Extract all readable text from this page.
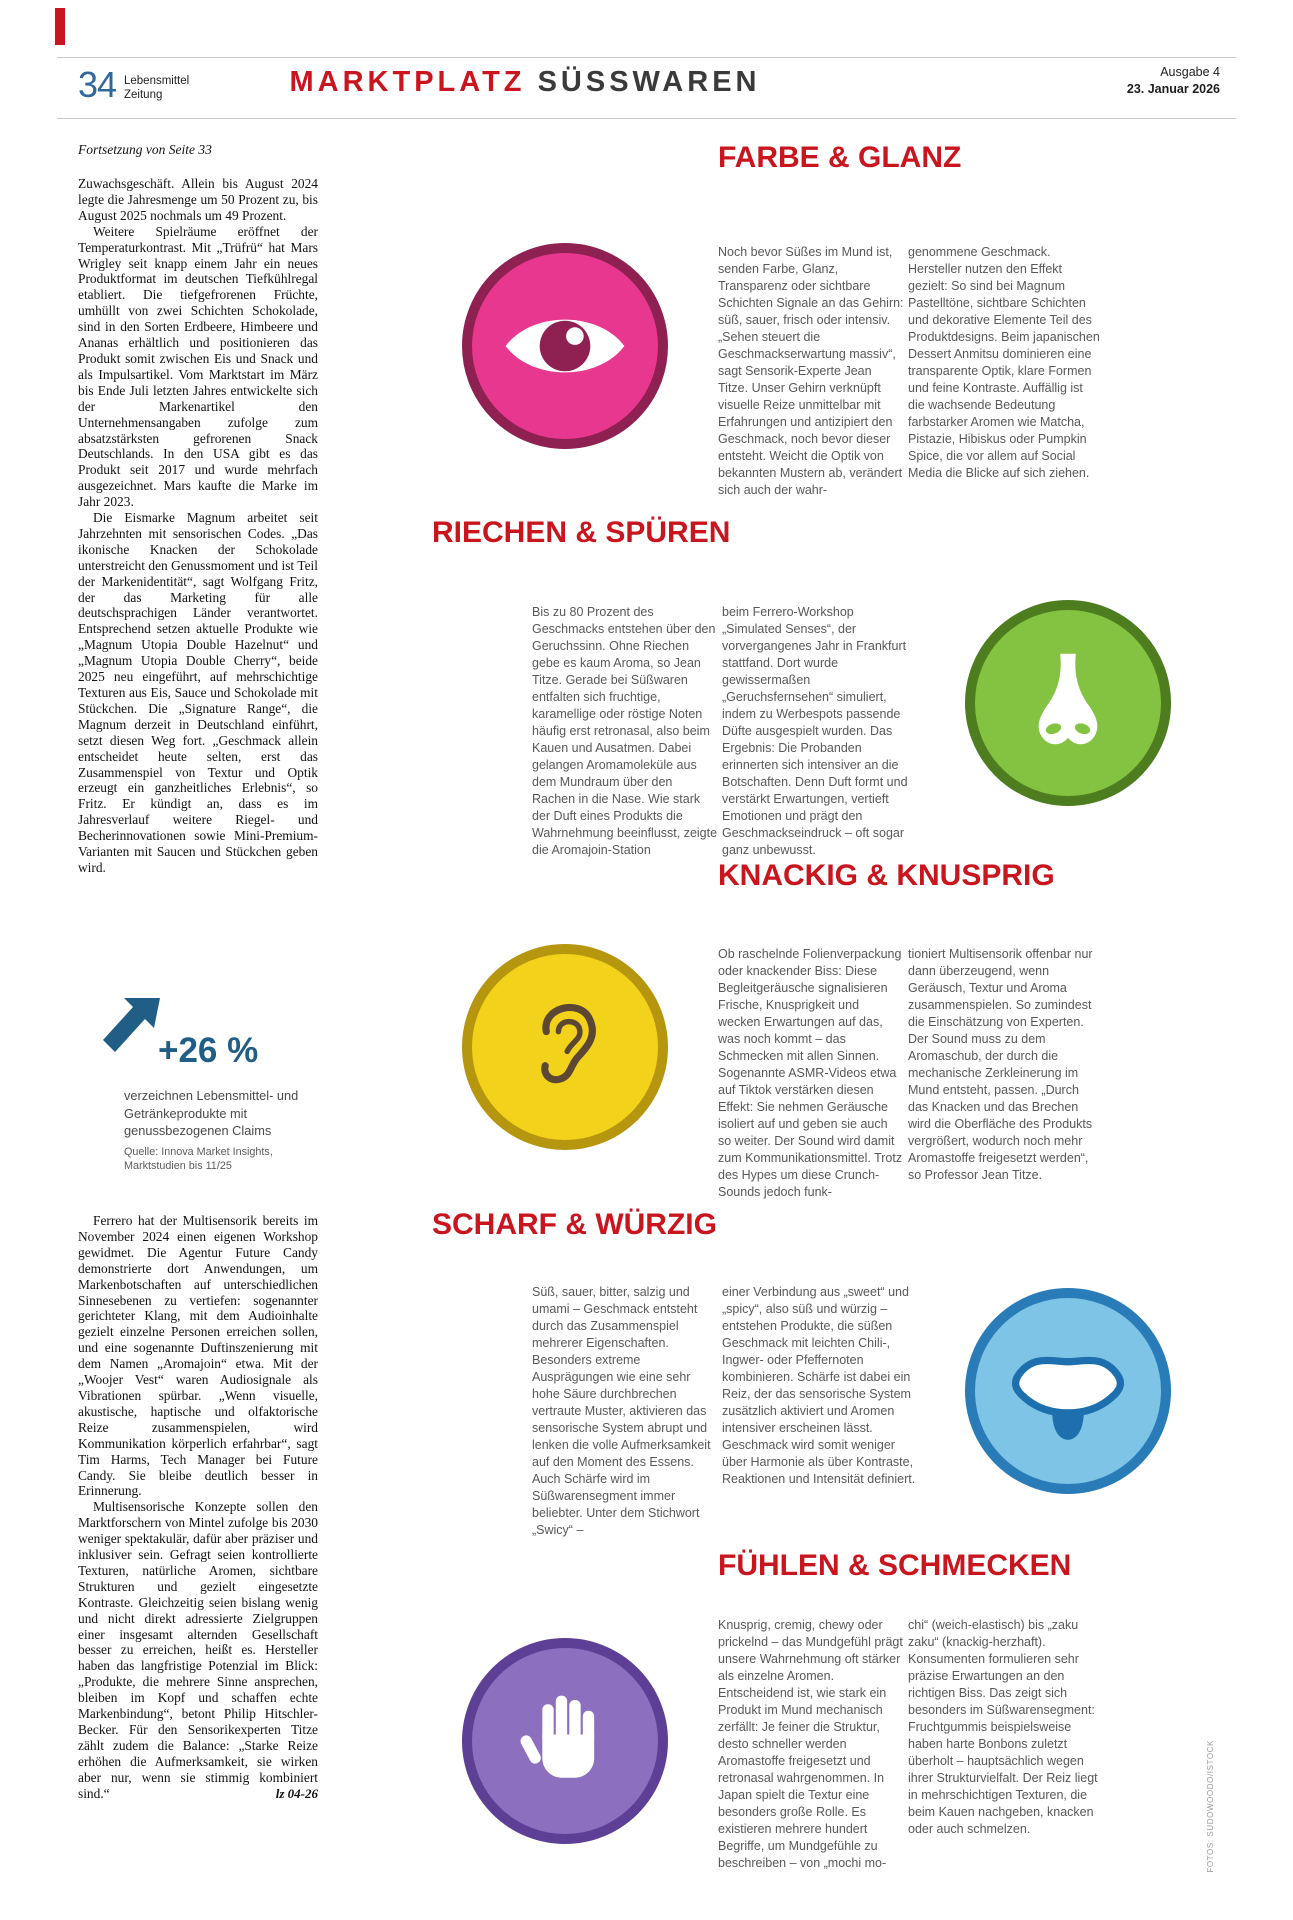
34 Lebensmittel
Zeitung	MARKTPLATZ SÜSSWAREN	Ausgabe 4
23. Januar 2026

Fortsetzung von Seite 33

Zuwachsgeschäft. Allein bis August 2024 legte die Jahresmenge um 50 Prozent zu, bis August 2025 nochmals um 49 Prozent.

Weitere Spielräume eröffnet der Temperaturkontrast. Mit „Trüfrü“ hat Mars Wrigley seit knapp einem Jahr ein neues Produktformat im deutschen Tiefkühlregal etabliert. Die tiefgefrorenen Früchte, umhüllt von zwei Schichten Schokolade, sind in den Sorten Erdbeere, Himbeere und Ananas erhältlich und positionieren das Produkt somit zwischen Eis und Snack und als Impulsartikel. Vom Marktstart im März bis Ende Juli letzten Jahres entwickelte sich der Markenartikel den Unternehmensangaben zufolge zum absatzstärksten gefrorenen Snack Deutschlands. In den USA gibt es das Produkt seit 2017 und wurde mehrfach ausgezeichnet. Mars kaufte die Marke im Jahr 2023.

Die Eismarke Magnum arbeitet seit Jahrzehnten mit sensorischen Codes. „Das ikonische Knacken der Schokolade unterstreicht den Genussmoment und ist Teil der Markenidentität“, sagt Wolfgang Fritz, der das Marketing für alle deutschsprachigen Länder verantwortet. Entsprechend setzen aktuelle Produkte wie „Magnum Utopia Double Hazelnut“ und „Magnum Utopia Double Cherry“, beide 2025 neu eingeführt, auf mehrschichtige Texturen aus Eis, Sauce und Schokolade mit Stückchen. Die „Signature Range“, die Magnum derzeit in Deutschland einführt, setzt diesen Weg fort. „Geschmack allein entscheidet heute selten, erst das Zusammenspiel von Textur und Optik erzeugt ein ganzheitliches Erlebnis“, so Fritz. Er kündigt an, dass es im Jahresverlauf weitere Riegel- und Becherinnovationen sowie Mini-Premium-Varianten mit Saucen und Stückchen geben wird.

+26 %
verzeichnen Lebensmittel- und Getränkeprodukte mit genussbezogenen Claims
Quelle: Innova Market Insights,
Marktstudien bis 11/25

Ferrero hat der Multisensorik bereits im November 2024 einen eigenen Workshop gewidmet. Die Agentur Future Candy demonstrierte dort Anwendungen, um Markenbotschaften auf unterschiedlichen Sinnesebenen zu vertiefen: sogenannter gerichteter Klang, mit dem Audioinhalte gezielt einzelne Personen erreichen sollen, und eine sogenannte Duftinszenierung mit dem Namen „Aromajoin“ etwa. Mit der „Woojer Vest“ waren Audiosignale als Vibrationen spürbar. „Wenn visuelle, akustische, haptische und olfaktorische Reize zusammenspielen, wird Kommunikation körperlich erfahrbar“, sagt Tim Harms, Tech Manager bei Future Candy. Sie bleibe deutlich besser in Erinnerung.

Multisensorische Konzepte sollen den Marktforschern von Mintel zufolge bis 2030 weniger spektakulär, dafür aber präziser und inklusiver sein. Gefragt seien kontrollierte Texturen, natürliche Aromen, sichtbare Strukturen und gezielt eingesetzte Kontraste. Gleichzeitig seien bislang wenig und nicht direkt adressierte Zielgruppen einer insgesamt alternden Gesellschaft besser zu erreichen, heißt es. Hersteller haben das langfristige Potenzial im Blick: „Produkte, die mehrere Sinne ansprechen, bleiben im Kopf und schaffen echte Markenbindung“, betont Philip Hitschler-Becker. Für den Sensorikexperten Titze zählt zudem die Balance: „Starke Reize erhöhen die Aufmerksamkeit, sie wirken aber nur, wenn sie stimmig kombiniert sind.“	lz 04-26

FARBE & GLANZ
RIECHEN & SPÜREN
KNACKIG & KNUSPRIG
SCHARF & WÜRZIG
FÜHLEN & SCHMECKEN

Noch bevor Süßes im Mund ist, senden Farbe, Glanz, Transparenz oder sichtbare Schichten Signale an das Gehirn: süß, sauer, frisch oder intensiv. „Sehen steuert die Geschmackserwartung massiv“, sagt Sensorik-Experte Jean Titze. Unser Gehirn verknüpft visuelle Reize unmittelbar mit Erfahrungen und antizipiert den Geschmack, noch bevor dieser entsteht. Weicht die Optik von bekannten Mustern ab, verändert sich auch der wahr-

genommene Geschmack. Hersteller nutzen den Effekt gezielt: So sind bei Magnum Pastelltöne, sichtbare Schichten und dekorative Elemente Teil des Produktdesigns. Beim japanischen Dessert Anmitsu dominieren eine transparente Optik, klare Formen und feine Kontraste. Auffällig ist die wachsende Bedeutung farbstarker Aromen wie Matcha, Pistazie, Hibiskus oder Pumpkin Spice, die vor allem auf Social Media die Blicke auf sich ziehen.

Bis zu 80 Prozent des Geschmacks entstehen über den Geruchssinn. Ohne Riechen gebe es kaum Aroma, so Jean Titze. Gerade bei Süßwaren entfalten sich fruchtige, karamellige oder röstige Noten häufig erst retronasal, also beim Kauen und Ausatmen. Dabei gelangen Aromamoleküle aus dem Mundraum über den Rachen in die Nase. Wie stark der Duft eines Produkts die Wahrnehmung beeinflusst, zeigte die Aromajoin-Station

beim Ferrero-Workshop „Simulated Senses“, der vorvergangenes Jahr in Frankfurt stattfand. Dort wurde gewissermaßen „Geruchsfernsehen“ simuliert, indem zu Werbespots passende Düfte ausgespielt wurden. Das Ergebnis: Die Probanden erinnerten sich intensiver an die Botschaften. Denn Duft formt und verstärkt Erwartungen, vertieft Emotionen und prägt den Geschmackseindruck – oft sogar ganz unbewusst.

Ob raschelnde Folienverpackung oder knackender Biss: Diese Begleitgeräusche signalisieren Frische, Knusprigkeit und wecken Erwartungen auf das, was noch kommt – das Schmecken mit allen Sinnen. Sogenannte ASMR-Videos etwa auf Tiktok verstärken diesen Effekt: Sie nehmen Geräusche isoliert auf und geben sie auch so weiter. Der Sound wird damit zum Kommunikationsmittel. Trotz des Hypes um diese Crunch-Sounds jedoch funk-

tioniert Multisensorik offenbar nur dann überzeugend, wenn Geräusch, Textur und Aroma zusammenspielen. So zumindest die Einschätzung von Experten. Der Sound muss zu dem Aromaschub, der durch die mechanische Zerkleinerung im Mund entsteht, passen. „Durch das Knacken und das Brechen wird die Oberfläche des Produkts vergrößert, wodurch noch mehr Aromastoffe freigesetzt werden“, so Professor Jean Titze.

Süß, sauer, bitter, salzig und umami – Geschmack entsteht durch das Zusammenspiel mehrerer Eigenschaften. Besonders extreme Ausprägungen wie eine sehr hohe Säure durchbrechen vertraute Muster, aktivieren das sensorische System abrupt und lenken die volle Aufmerksamkeit auf den Moment des Essens. Auch Schärfe wird im Süßwarensegment immer beliebter. Unter dem Stichwort „Swicy“ –

einer Verbindung aus „sweet“ und „spicy“, also süß und würzig – entstehen Produkte, die süßen Geschmack mit leichten Chili-, Ingwer- oder Pfeffernoten kombinieren. Schärfe ist dabei ein Reiz, der das sensorische System zusätzlich aktiviert und Aromen intensiver erscheinen lässt. Geschmack wird somit weniger über Harmonie als über Kontraste, Reaktionen und Intensität definiert.

Knusprig, cremig, chewy oder prickelnd – das Mundgefühl prägt unsere Wahrnehmung oft stärker als einzelne Aromen. Entscheidend ist, wie stark ein Produkt im Mund mechanisch zerfällt: Je feiner die Struktur, desto schneller werden Aromastoffe freigesetzt und retronasal wahrgenommen. In Japan spielt die Textur eine besonders große Rolle. Es existieren mehrere hundert Begriffe, um Mundgefühle zu beschreiben – von „mochi mo-

chi“ (weich-elastisch) bis „zaku zaku“ (knackig-herzhaft). Konsumenten formulieren sehr präzise Erwartungen an den richtigen Biss. Das zeigt sich besonders im Süßwarensegment: Fruchtgummis beispielsweise haben harte Bonbons zuletzt überholt – hauptsächlich wegen ihrer Strukturvielfalt. Der Reiz liegt in mehrschichtigen Texturen, die beim Kauen nachgeben, knacken oder auch schmelzen.	FOTOS: SUDOWOODO/ISTOCK
